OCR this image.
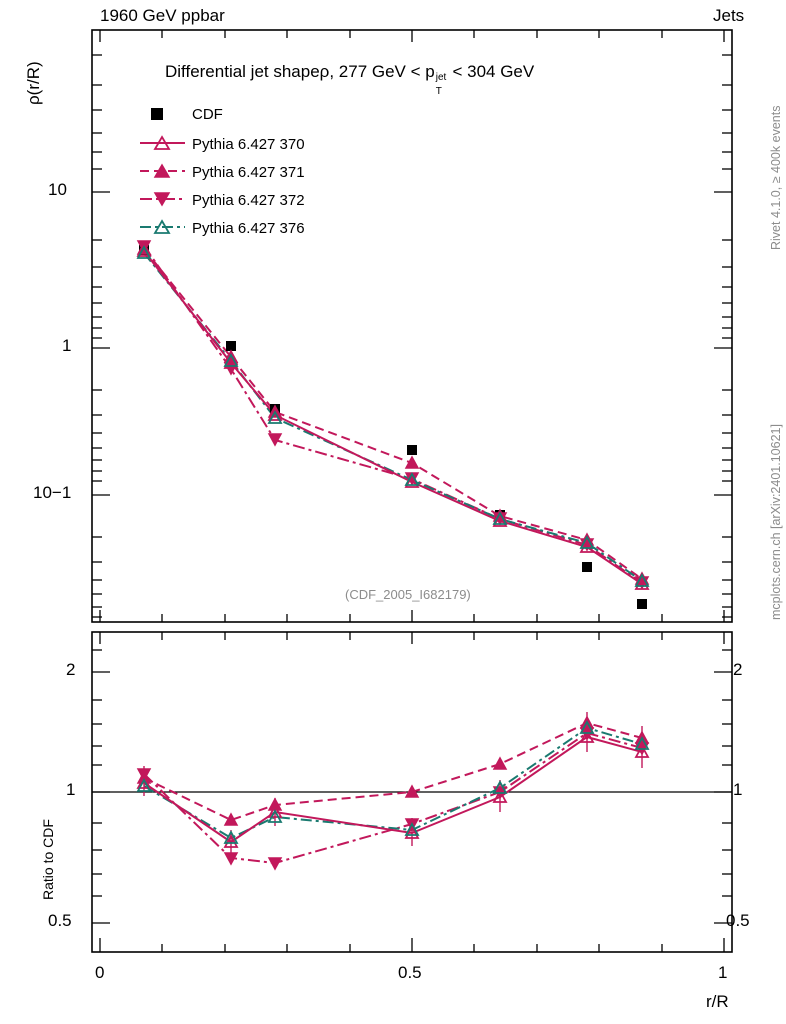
1960 GeV ppbar	Jets
Rivet 4.1.0, ≥ 400k events
mcplots.cern.ch [arXiv:2401.10621]
ρ(r/R)	Differential jet shapeρ, 277 GeV < p
T
jet < 304 GeV
(CDF_2005_I682179)
10
1
10−1
Ratio to CDF
2
1
0.5
2
1
0.5
0	0.5	1
r/R
CDF
Pythia 6.427 370
Pythia 6.427 371
Pythia 6.427 372
Pythia 6.427 376
